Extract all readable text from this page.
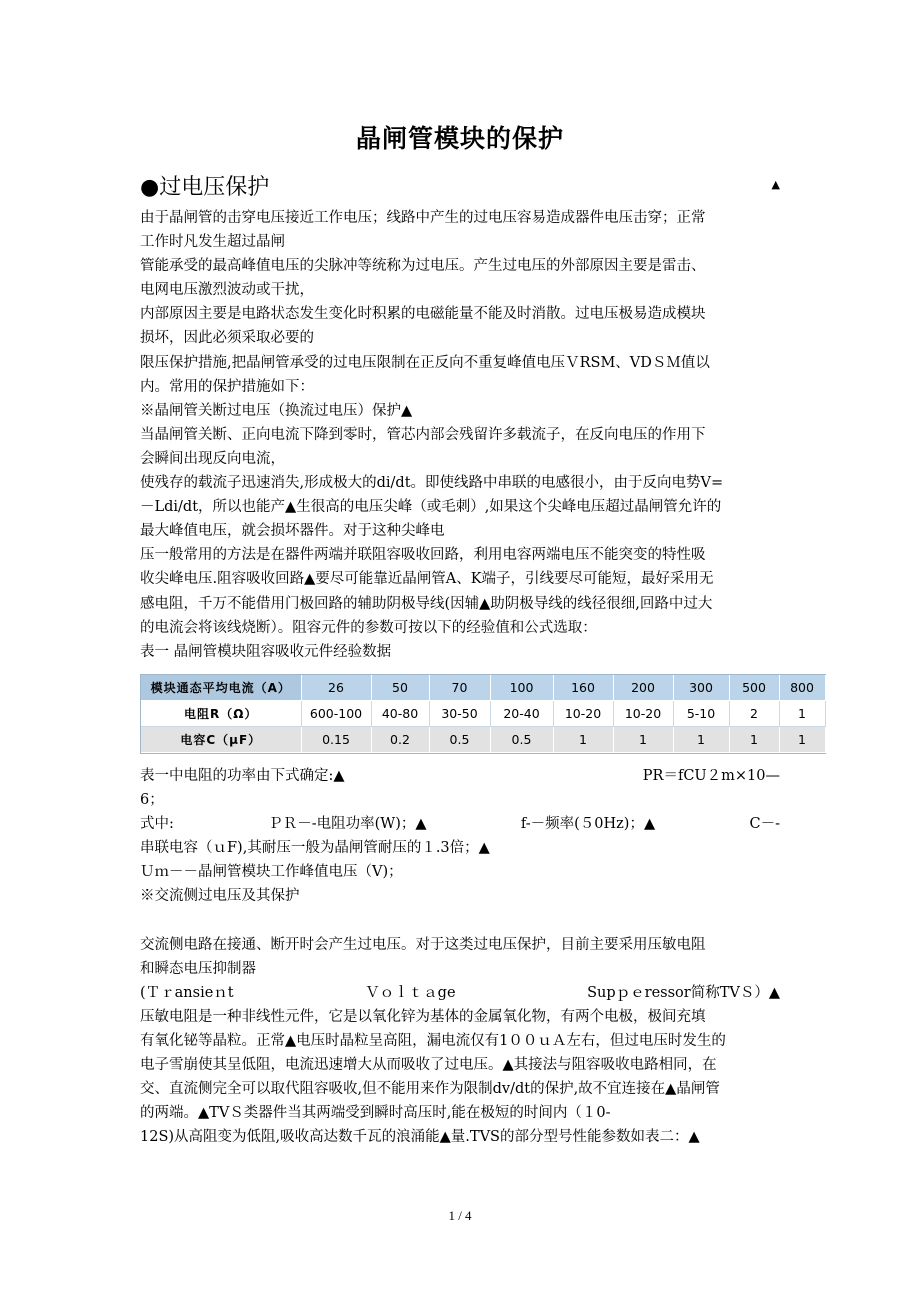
晶闸管模块的保护
●过电压保护	▲
由于晶闸管的击穿电压接近工作电压；线路中产生的过电压容易造成器件电压击穿；正常
工作时凡发生超过晶闸
管能承受的最高峰值电压的尖脉冲等统称为过电压。产生过电压的外部原因主要是雷击、
电网电压激烈波动或干扰，
内部原因主要是电路状态发生变化时积累的电磁能量不能及时消散。过电压极易造成模块
损坏，因此必须采取必要的
限压保护措施,把晶闸管承受的过电压限制在正反向不重复峰值电压ＶRSM、VDＳＭ值以
内。常用的保护措施如下：
※晶闸管关断过电压（换流过电压）保护▲
当晶闸管关断、正向电流下降到零时，管芯内部会残留许多载流子，在反向电压的作用下
会瞬间出现反向电流，
使残存的载流子迅速消失,形成极大的di/dt。即使线路中串联的电感很小，由于反向电势V=
－Ldi/dt，所以也能产▲生很高的电压尖峰（或毛刺）,如果这个尖峰电压超过晶闸管允许的
最大峰值电压，就会损坏器件。对于这种尖峰电
压一般常用的方法是在器件两端并联阻容吸收回路，利用电容两端电压不能突变的特性吸
收尖峰电压.阻容吸收回路▲要尽可能靠近晶闸管A、K端子，引线要尽可能短，最好采用无
感电阻，千万不能借用门极回路的辅助阴极导线(因辅▲助阴极导线的线径很细,回路中过大
的电流会将该线烧断）。阻容元件的参数可按以下的经验值和公式选取：
表一 晶闸管模块阻容吸收元件经验数据
模块通态平均电流（A）	26	50	70	100	160	200	300	500	800
电阻R（Ω）	600-100	40-80	30-50	20-40	10-20	10-20	5-10	2	1
电容C（μF）	0.15	0.2	0.5	0.5	1	1	1	1	1
表一中电阻的功率由下式确定:▲	PR＝fCU２m×10—
6；
式中:	ＰＲ－-电阻功率(W)；▲	f-－频率(５0Hz)；▲	C－-
串联电容（ｕF),其耐压一般为晶闸管耐压的１.3倍；▲
Ｕｍ－－晶闸管模块工作峰值电压（V)；
※交流侧过电压及其保护
交流侧电路在接通、断开时会产生过电压。对于这类过电压保护，目前主要采用压敏电阻
和瞬态电压抑制器
(Ｔｒansieｎt	Ｖｏｌｔａge	Supｐｅressor简称TVＳ）▲
压敏电阻是一种非线性元件，它是以氧化锌为基体的金属氧化物，有两个电极，极间充填
有氧化铋等晶粒。正常▲电压时晶粒呈高阻，漏电流仅有1００ｕＡ左右，但过电压时发生的
电子雪崩使其呈低阻，电流迅速增大从而吸收了过电压。▲其接法与阻容吸收电路相同，在
交、直流侧完全可以取代阻容吸收,但不能用来作为限制dv/dt的保护,故不宜连接在▲晶闸管
的两端。▲TVＳ类器件当其两端受到瞬时高压时,能在极短的时间内（１0-
12S)从高阻变为低阻,吸收高达数千瓦的浪涌能▲量.TVS的部分型号性能参数如表二：▲
1 / 4
